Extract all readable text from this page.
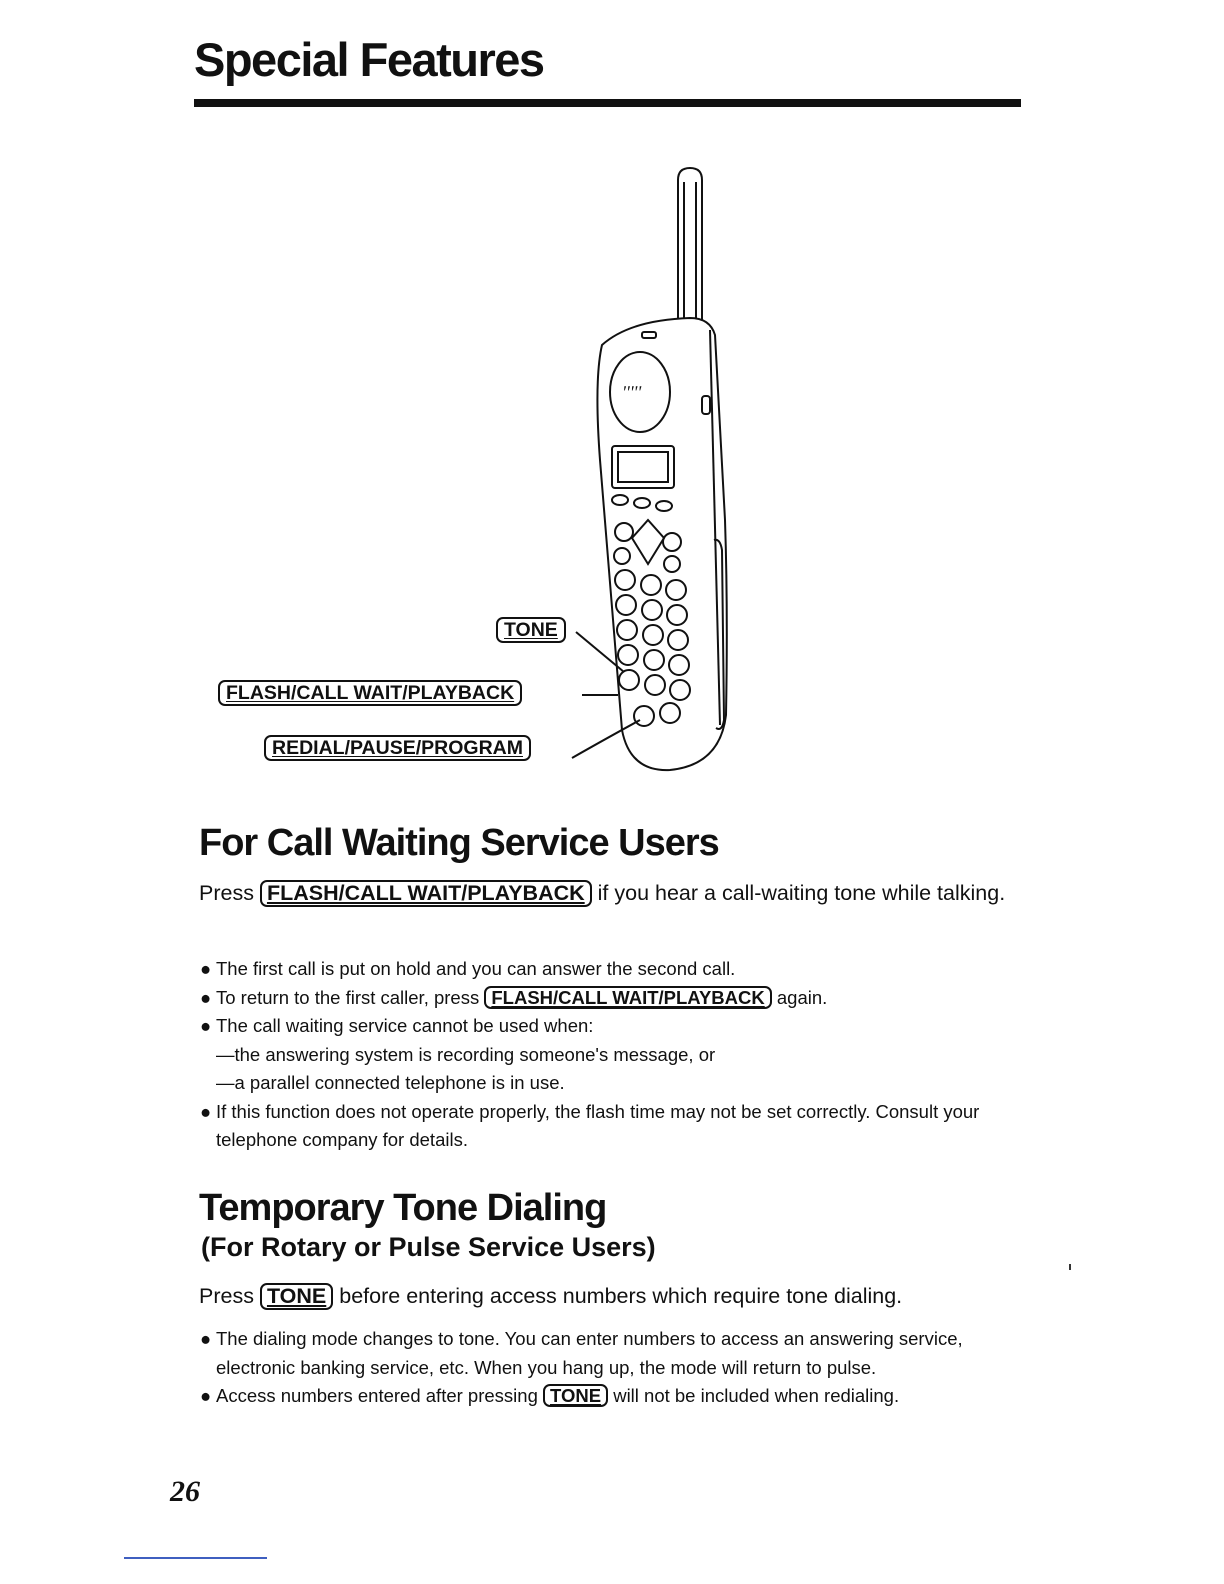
Special Features
ʹʹʹʹʹ
TONE
FLASH/CALL WAIT/PLAYBACK
REDIAL/PAUSE/PROGRAM
For Call Waiting Service Users

Press FLASH/CALL WAIT/PLAYBACK if you hear a call-waiting tone while talking.

● The first call is put on hold and you can answer the second call.
● To return to the first caller, press FLASH/CALL WAIT/PLAYBACK again.
● The call waiting service cannot be used when:
—the answering system is recording someone's message, or
—a parallel connected telephone is in use.
● If this function does not operate properly, the flash time may not be set correctly. Consult your telephone company for details.
Temporary Tone Dialing
(For Rotary or Pulse Service Users)

Press TONE before entering access numbers which require tone dialing.

● The dialing mode changes to tone. You can enter numbers to access an answering service, electronic banking service, etc. When you hang up, the mode will return to pulse.
● Access numbers entered after pressing TONE will not be included when redialing.
26
